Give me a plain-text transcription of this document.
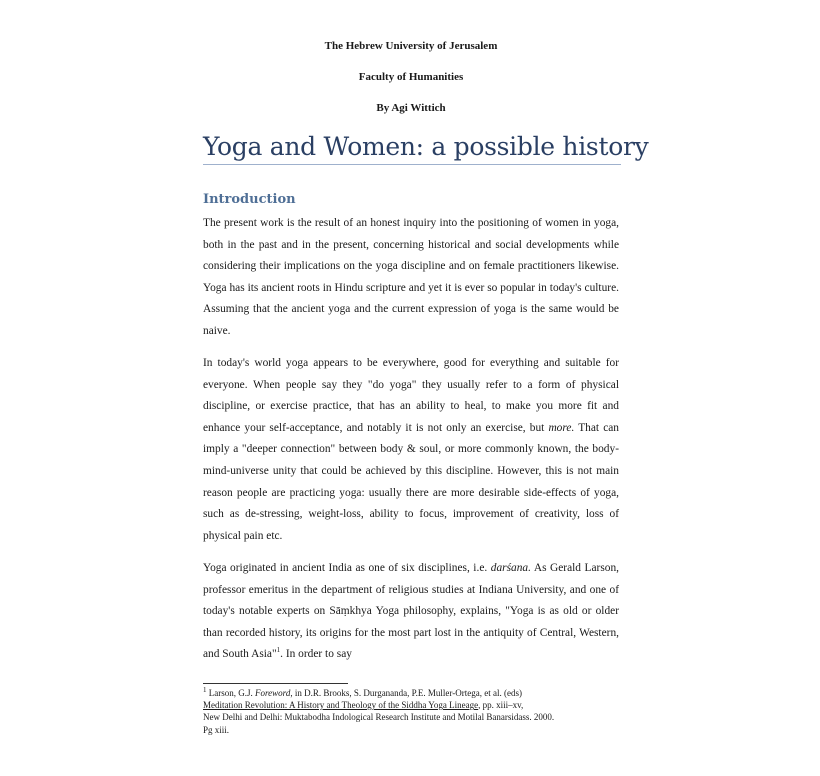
The Hebrew University of Jerusalem
Faculty of Humanities
By Agi Wittich
Yoga and Women: a possible history
Introduction

The present work is the result of an honest inquiry into the positioning of women in yoga, both in the past and in the present, concerning historical and social developments while considering their implications on the yoga discipline and on female practitioners likewise. Yoga has its ancient roots in Hindu scripture and yet it is ever so popular in today's culture. Assuming that the ancient yoga and the current expression of yoga is the same would be naive.

In today's world yoga appears to be everywhere, good for everything and suitable for everyone. When people say they "do yoga" they usually refer to a form of physical discipline, or exercise practice, that has an ability to heal, to make you more fit and enhance your self-acceptance, and notably it is not only an exercise, but more. That can imply a "deeper connection" between body & soul, or more commonly known, the body-mind-universe unity that could be achieved by this discipline. However, this is not main reason people are practicing yoga: usually there are more desirable side-effects of yoga, such as de-stressing, weight-loss, ability to focus, improvement of creativity, loss of physical pain etc.

Yoga originated in ancient India as one of six disciplines, i.e. darśana. As Gerald Larson, professor emeritus in the department of religious studies at Indiana University, and one of today's notable experts on Sāṃkhya Yoga philosophy, explains, "Yoga is as old or older than recorded history, its origins for the most part lost in the antiquity of Central, Western, and South Asia"$^1$. In order to say

$^1$ Larson, G.J. Foreword, in D.R. Brooks, S. Durgananda, P.E. Muller-Ortega, et al. (eds)
Meditation Revolution: A History and Theology of the Siddha Yoga Lineage, pp. xiii–xv,
New Delhi and Delhi: Muktabodha Indological Research Institute and Motilal Banarsidass. 2000.
Pg xiii.
